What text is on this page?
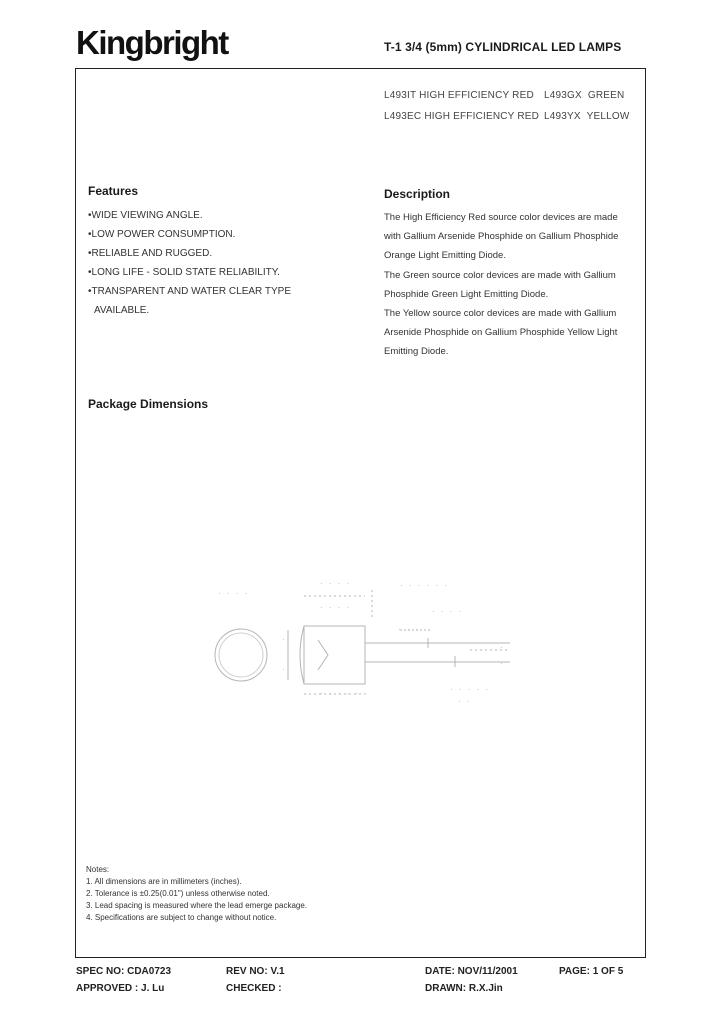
Kingbright	T-1 3/4 (5mm) CYLINDRICAL LED LAMPS
L493IT HIGH EFFICIENCY RED L493GX GREEN
L493EC HIGH EFFICIENCY RED L493YX YELLOW
Features
•WIDE VIEWING ANGLE.
•LOW POWER CONSUMPTION.
•RELIABLE AND RUGGED.
•LONG LIFE - SOLID STATE RELIABILITY.
•TRANSPARENT AND WATER CLEAR TYPE
AVAILABLE.
Description
The High Efficiency Red source color devices are made
with Gallium Arsenide Phosphide on Gallium Phosphide
Orange Light Emitting Diode.
The Green source color devices are made with Gallium
Phosphide Green Light Emitting Diode.
The Yellow source color devices are made with Gallium
Arsenide Phosphide on Gallium Phosphide Yellow Light
Emitting Diode.
Package Dimensions
· · · ·
· · · ·
· · · ·
· · · · · ·
· · · ·
· · ·
·
·
· · · · · ·	· · · · ·
· ·
·
·
Notes:
1. All dimensions are in millimeters (inches).
2. Tolerance is ±0.25(0.01") unless otherwise noted.
3. Lead spacing is measured where the lead emerge package.
4. Specifications are subject to change without notice.
SPEC NO: CDA0723	REV NO: V.1	DATE: NOV/11/2001	PAGE: 1 OF 5
APPROVED : J. Lu	CHECKED :	DRAWN: R.X.Jin
